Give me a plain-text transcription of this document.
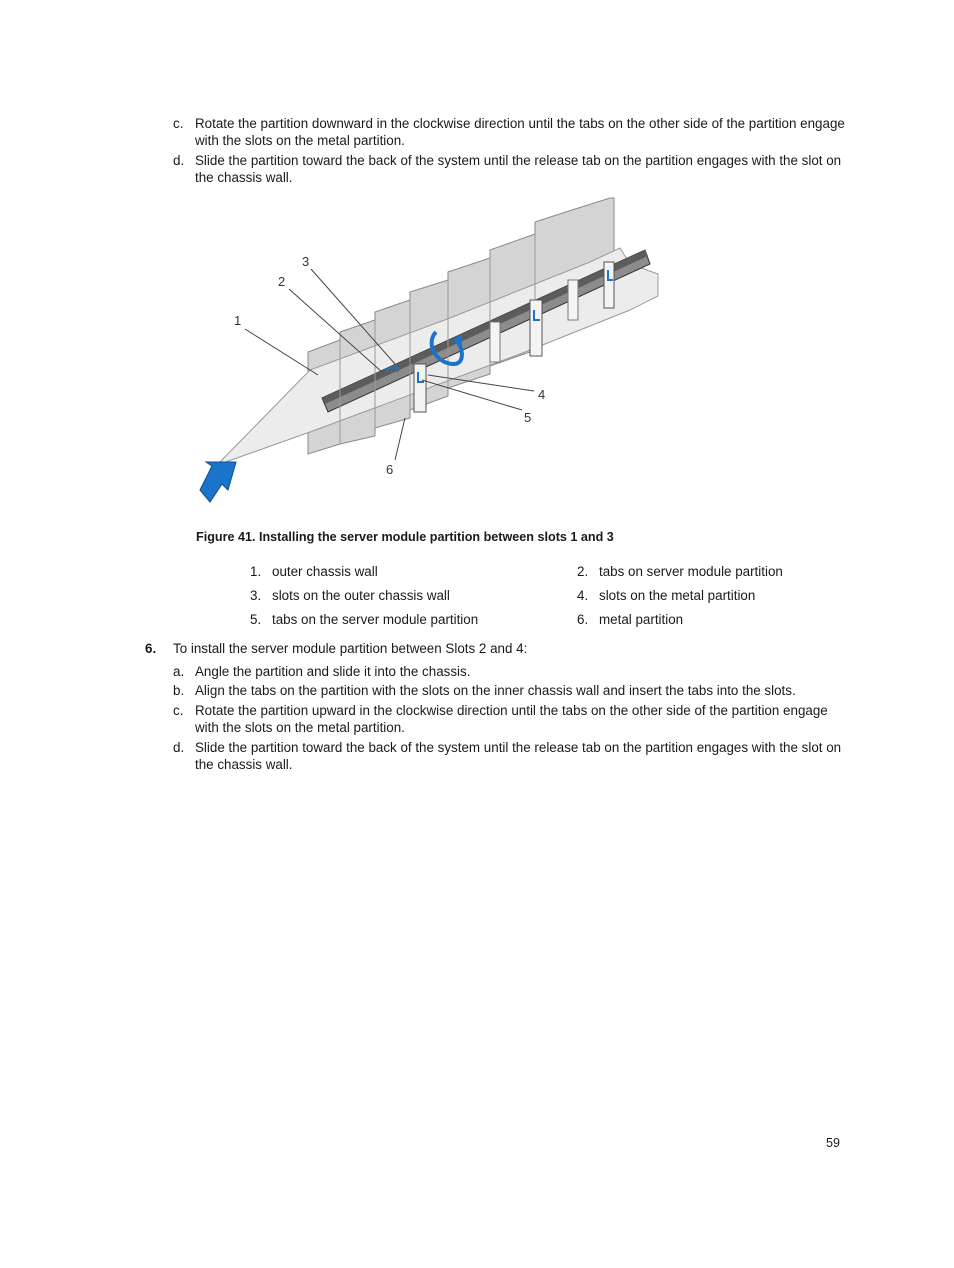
c. Rotate the partition downward in the clockwise direction until the tabs on the other side of the partition engage
with the slots on the metal partition.
d. Slide the partition toward the back of the system until the release tab on the partition engages with the slot on
the chassis wall.
1
2
3
4
5
6
Figure 41. Installing the server module partition between slots 1 and 3
1. outer chassis wall	2. tabs on server module partition
3. slots on the outer chassis wall	4. slots on the metal partition
5. tabs on the server module partition	6. metal partition
6. To install the server module partition between Slots 2 and 4:
a. Angle the partition and slide it into the chassis.
b. Align the tabs on the partition with the slots on the inner chassis wall and insert the tabs into the slots.
c. Rotate the partition upward in the clockwise direction until the tabs on the other side of the partition engage
with the slots on the metal partition.
d. Slide the partition toward the back of the system until the release tab on the partition engages with the slot on
the chassis wall.
59
